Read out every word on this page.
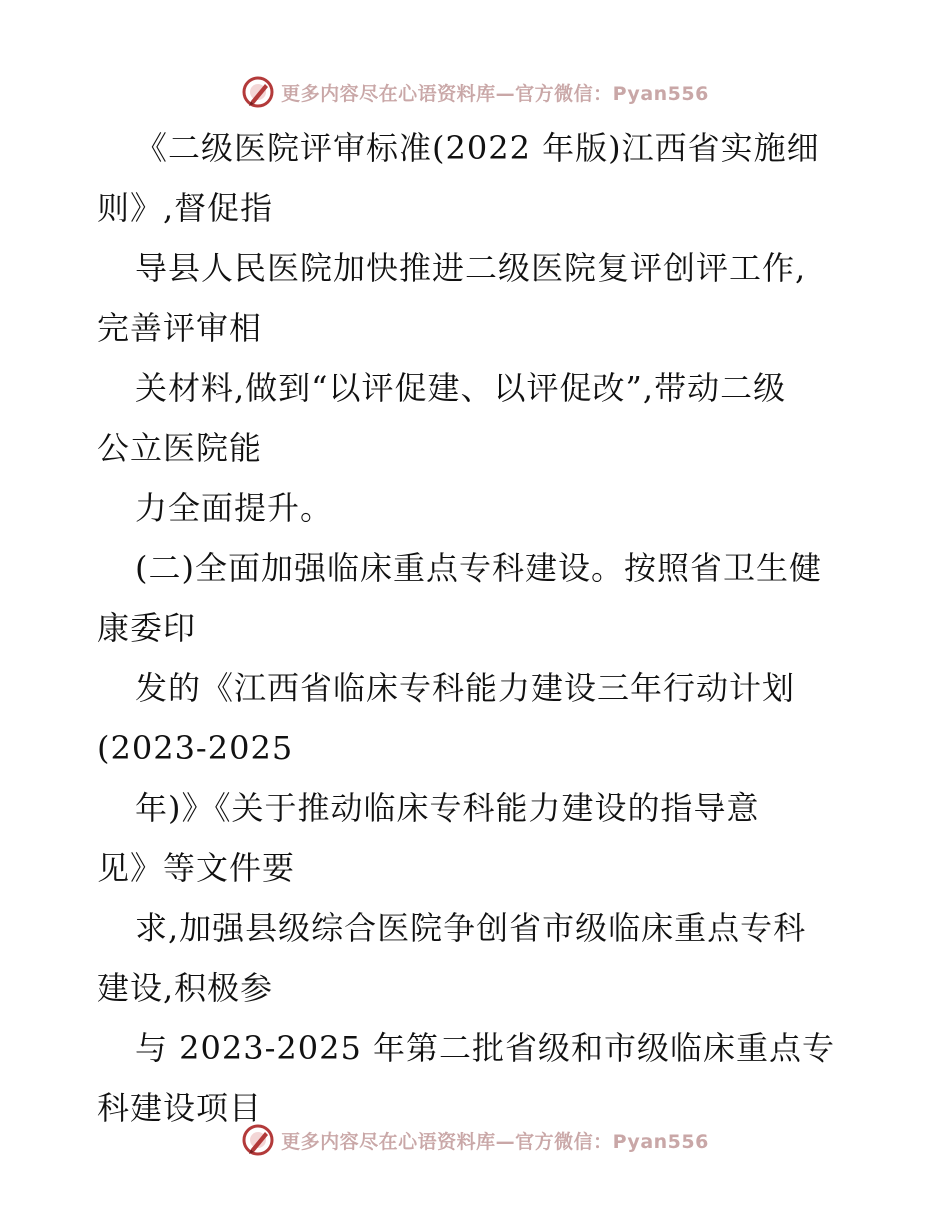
更多内容尽在心语资料库—官方微信：Pyan556
《二级医院评审标准(2022 年版)江西省实施细
则》,督促指
导县人民医院加快推进二级医院复评创评工作,
完善评审相
关材料,做到“以评促建、以评促改”,带动二级
公立医院能
力全面提升。
(二)全面加强临床重点专科建设。按照省卫生健
康委印
发的《江西省临床专科能力建设三年行动计划
(2023-2025
年)》《关于推动临床专科能力建设的指导意
见》等文件要
求,加强县级综合医院争创省市级临床重点专科
建设,积极参
与 2023-2025 年第二批省级和市级临床重点专
科建设项目
更多内容尽在心语资料库—官方微信：Pyan556
